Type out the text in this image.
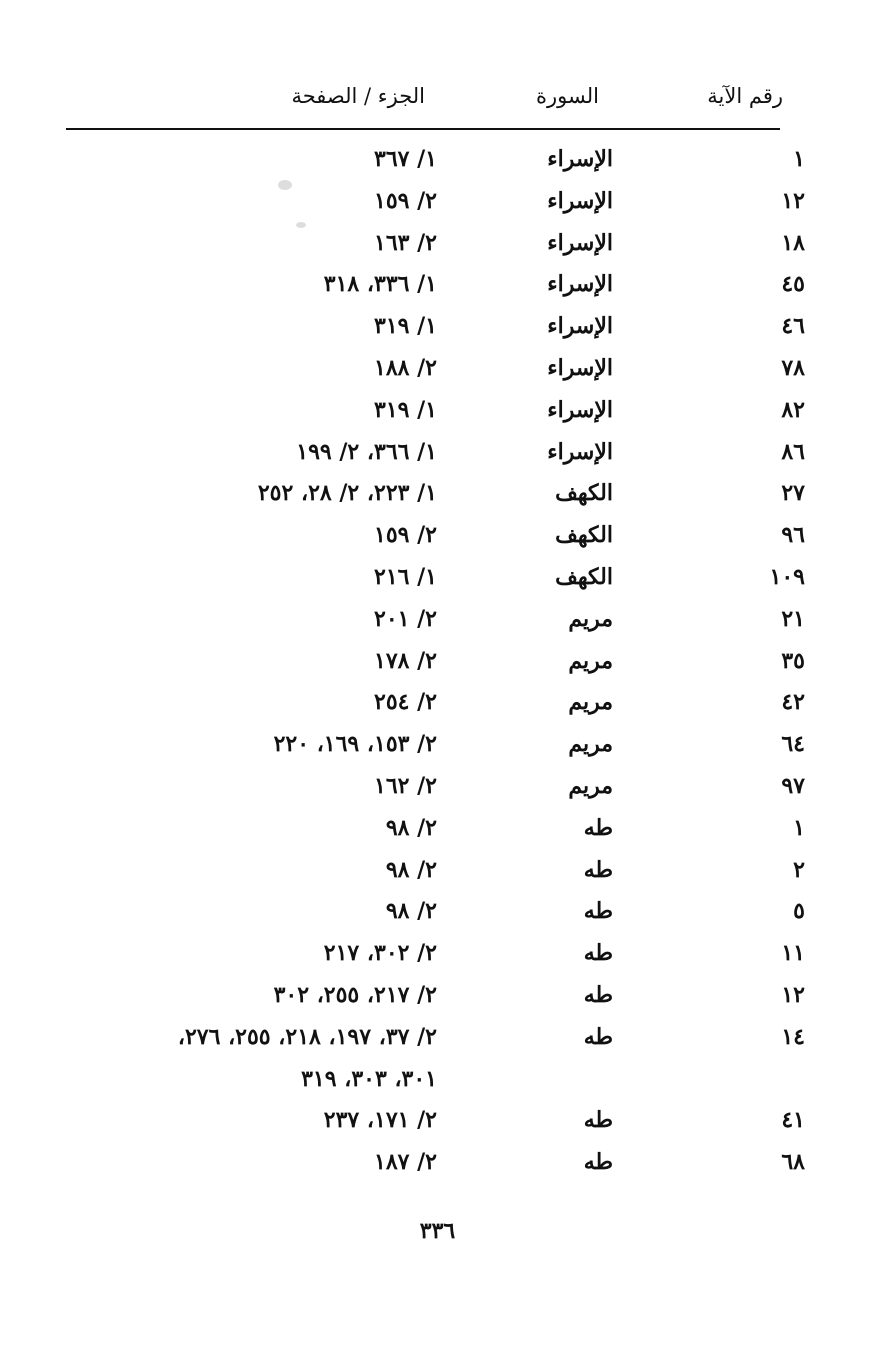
رقم الآية
السورة
الجزء / الصفحة
١
الإسراء
١/ ٣٦٧
١٢
الإسراء
٢/ ١٥٩
١٨
الإسراء
٢/ ١٦٣
٤٥
الإسراء
١/ ٣٣٦، ٣١٨
٤٦
الإسراء
١/ ٣١٩
٧٨
الإسراء
٢/ ١٨٨
٨٢
الإسراء
١/ ٣١٩
٨٦
الإسراء
١/ ٣٦٦، ٢/ ١٩٩
٢٧
الكهف
١/ ٢٢٣، ٢/ ٢٨، ٢٥٢
٩٦
الكهف
٢/ ١٥٩
١٠٩
الكهف
١/ ٢١٦
٢١
مريم
٢/ ٢٠١
٣٥
مريم
٢/ ١٧٨
٤٢
مريم
٢/ ٢٥٤
٦٤
مريم
٢/ ١٥٣، ١٦٩، ٢٢٠
٩٧
مريم
٢/ ١٦٢
١
طه
٢/ ٩٨
٢
طه
٢/ ٩٨
٥
طه
٢/ ٩٨
١١
طه
٢/ ٣٠٢، ٢١٧
١٢
طه
٢/ ٢١٧، ٢٥٥، ٣٠٢
١٤
طه
٢/ ٣٧، ١٩٧، ٢١٨، ٢٥٥، ٢٧٦،
٣٠١، ٣٠٣، ٣١٩
٤١
طه
٢/ ١٧١، ٢٣٧
٦٨
طه
٢/ ١٨٧
٣٣٦
